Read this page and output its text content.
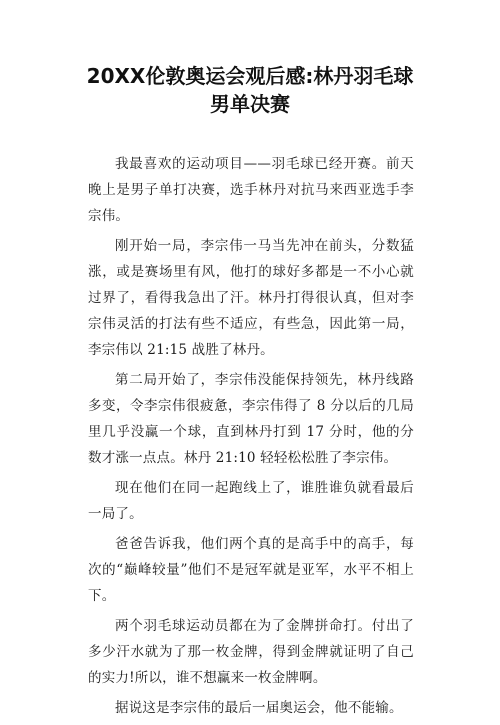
20XX伦敦奥运会观后感:林丹羽毛球男单决赛

我最喜欢的运动项目——羽毛球已经开赛。前天晚上是男子单打决赛，选手林丹对抗马来西亚选手李宗伟。

刚开始一局，李宗伟一马当先冲在前头，分数猛涨，或是赛场里有风，他打的球好多都是一不小心就过界了，看得我急出了汗。林丹打得很认真，但对李宗伟灵活的打法有些不适应，有些急，因此第一局，李宗伟以 21:15 战胜了林丹。

第二局开始了，李宗伟没能保持领先，林丹线路多变，令李宗伟很疲惫，李宗伟得了 8 分以后的几局里几乎没赢一个球，直到林丹打到 17 分时，他的分数才涨一点点。林丹 21:10 轻轻松松胜了李宗伟。

现在他们在同一起跑线上了，谁胜谁负就看最后一局了。

爸爸告诉我，他们两个真的是高手中的高手，每次的“巅峰较量”他们不是冠军就是亚军，水平不相上下。

两个羽毛球运动员都在为了金牌拼命打。付出了多少汗水就为了那一枚金牌，得到金牌就证明了自己的实力!所以，谁不想赢来一枚金牌啊。

据说这是李宗伟的最后一届奥运会，他不能输。
